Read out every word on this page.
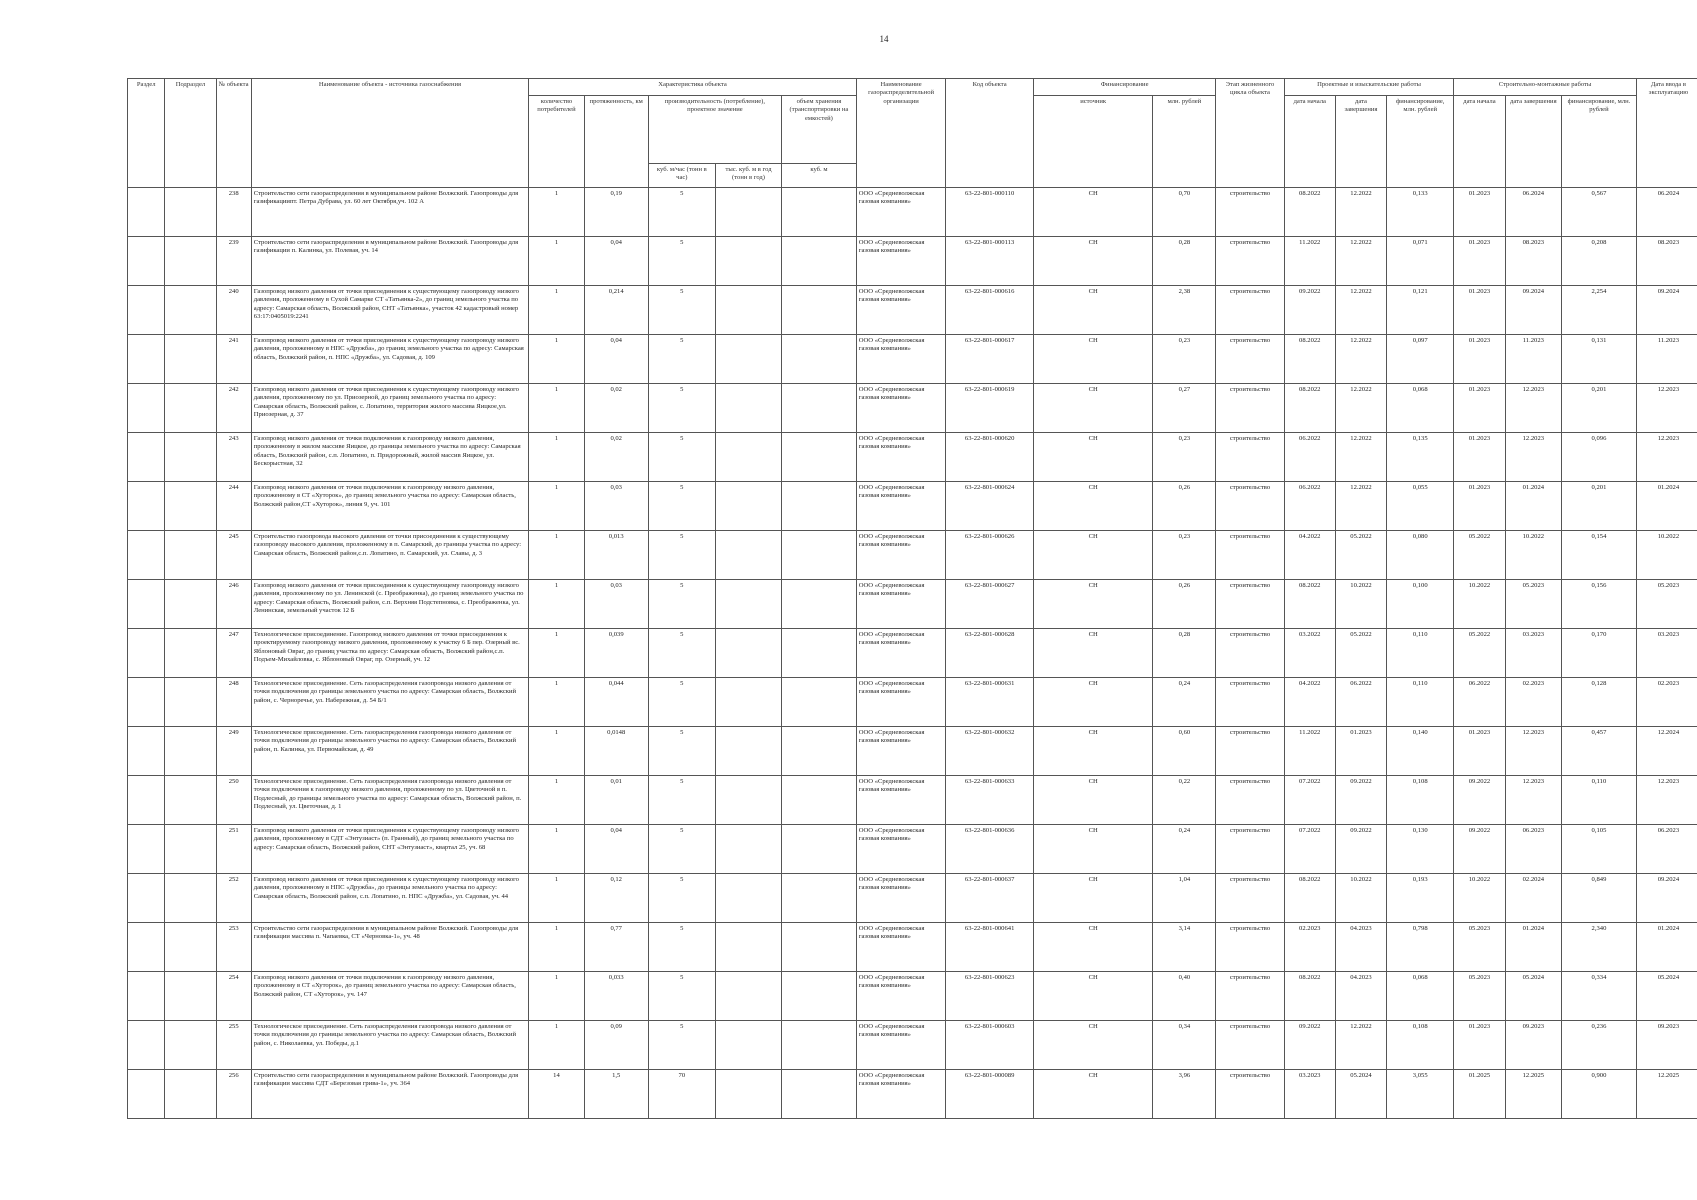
14
Раздел	Подраздел	№ объекта	Наименование объекта - источника газоснабжения	Характеристика объекта					Наименование газораспределительной организации	Код объекта	Финансирование		Этап жизненного цикла объекта	Проектные и изыскательские работы			Строительно-монтажные работы			Дата ввода в эксплуатацию
				количество потребителей	протяженность, км	производительность (потребление), проектное значение		объем хранения (транспортировки на емкостей)			источник	млн. рублей		дата начала	дата завершения	финансирование, млн. рублей	дата начала	дата завершения	финансирование, млн. рублей	
						куб. м/час (тонн в час)	тыс. куб. м в год (тонн в год)	куб. м												
		238	Строительство сети газораспределения в муниципальном районе Волжский. Газопроводы для газификациипт. Петра Дубрава, ул. 60 лет Октября,уч. 102 А	1	0,19	5			ООО «Средневолжская газовая компания»	63-22-801-000110	СН	0,70	строительство	08.2022	12.2022	0,133	01.2023	06.2024	0,567	06.2024
		239	Строительство сети газораспределения в муниципальном районе Волжский. Газопроводы для газификации п. Калинка, ул. Полевая, уч. 14	1	0,04	5			ООО «Средневолжская газовая компания»	63-22-801-000113	СН	0,28	строительство	11.2022	12.2022	0,071	01.2023	08.2023	0,208	08.2023
		240	Газопровод низкого давления от точки присоединения к существующему газопроводу низкого давления, проложенному в Сухой Самарке СТ «Татьянка-2», до границ земельного участка по адресу: Самарская область, Волжский район, СНТ «Татьянка», участок 42 кадастровый номер 63:17:0405019:2241	1	0,214	5			ООО «Средневолжская газовая компания»	63-22-801-000616	СН	2,38	строительство	09.2022	12.2022	0,121	01.2023	09.2024	2,254	09.2024
		241	Газопровод низкого давления от точки присоединения к существующему газопроводу низкого давления, проложенному в НПС «Дружба», до границ земельного участка по адресу: Самарская область, Волжский район, п. НПС «Дружба», ул. Садовая, д. 109	1	0,04	5			ООО «Средневолжская газовая компания»	63-22-801-000617	СН	0,23	строительство	08.2022	12.2022	0,097	01.2023	11.2023	0,131	11.2023
		242	Газопровод низкого давления от точки присоединения к существующему газопроводу низкого давления, проложенному по ул. Приозерной, до границ земельного участка по адресу: Самарская область, Волжский район, с. Лопатино, территория жилого массива Яицкое,ул. Приозерная, д. 37	1	0,02	5			ООО «Средневолжская газовая компания»	63-22-801-000619	СН	0,27	строительство	08.2022	12.2022	0,068	01.2023	12.2023	0,201	12.2023
		243	Газопровод низкого давления от точки подключения к газопроводу низкого давления, проложенному в жилом массиве Яицкое, до границы земельного участка по адресу: Самарская область, Волжский район, с.п. Лопатино, п. Придорожный, жилой массив Яицкое, ул. Бескорыстная, 32	1	0,02	5			ООО «Средневолжская газовая компания»	63-22-801-000620	СН	0,23	строительство	06.2022	12.2022	0,135	01.2023	12.2023	0,096	12.2023
		244	Газопровод низкого давления от точки подключения к газопроводу низкого давления, проложенному в СТ «Хуторок», до границ земельного участка по адресу: Самарская область, Волжский район,СТ «Хуторок», линия 9, уч. 101	1	0,03	5			ООО «Средневолжская газовая компания»	63-22-801-000624	СН	0,26	строительство	06.2022	12.2022	0,055	01.2023	01.2024	0,201	01.2024
		245	Строительство газопровода высокого давления от точки присоединения к существующему газопроводу высокого давления, проложенному в п. Самарский, до границы участка по адресу: Самарская область, Волжский район,с.п. Лопатино, п. Самарский, ул. Славы, д. 3	1	0,013	5			ООО «Средневолжская газовая компания»	63-22-801-000626	СН	0,23	строительство	04.2022	05.2022	0,080	05.2022	10.2022	0,154	10.2022
		246	Газопровод низкого давления от точки присоединения к существующему газопроводу низкого давления, проложенному по ул. Ленинской (с. Преображенка), до границ земельного участка по адресу: Самарская область, Волжский район, с.п. Верхняя Подстепновка, с. Преображенка, ул. Ленинская, земельный участок 12 Б	1	0,03	5			ООО «Средневолжская газовая компания»	63-22-801-000627	СН	0,26	строительство	08.2022	10.2022	0,100	10.2022	05.2023	0,156	05.2023
		247	Технологическое присоединение. Газопровод низкого давления от точки присоединения к проектируемому газопроводу низкого давления, проложенному к участку 6 Б пер. Озерный вс. Яблоновый Овраг, до границ участка по адресу: Самарская область, Волжский район,с.п. Подъем-Михайловка, с. Яблоновый Овраг, пр. Озерный, уч. 12	1	0,039	5			ООО «Средневолжская газовая компания»	63-22-801-000628	СН	0,28	строительство	03.2022	05.2022	0,110	05.2022	03.2023	0,170	03.2023
		248	Технологическое присоединение. Сеть газораспределения газопровода низкого давления от точки подключения до границы земельного участка по адресу: Самарская область, Волжский район, с. Черноречье, ул. Набережная, д. 54 Б/1	1	0,044	5			ООО «Средневолжская газовая компания»	63-22-801-000631	СН	0,24	строительство	04.2022	06.2022	0,110	06.2022	02.2023	0,128	02.2023
		249	Технологическое присоединение. Сеть газораспределения газопровода низкого давления от точки подключения до границы земельного участка по адресу: Самарская область, Волжский район, п. Калинка, ул. Первомайская, д. 49	1	0,0148	5			ООО «Средневолжская газовая компания»	63-22-801-000632	СН	0,60	строительство	11.2022	01.2023	0,140	01.2023	12.2023	0,457	12.2024
		250	Технологическое присоединение. Сеть газораспределения газопровода низкого давления от точки подключения к газопроводу низкого давления, проложенному по ул. Цветочной в п. Подлесный, до границы земельного участка по адресу: Самарская область, Волжский район, п. Подлесный, ул. Цветочная, д. 1	1	0,01	5			ООО «Средневолжская газовая компания»	63-22-801-000633	СН	0,22	строительство	07.2022	09.2022	0,108	09.2022	12.2023	0,110	12.2023
		251	Газопровод низкого давления от точки присоединения к существующему газопроводу низкого давления, проложенному в СДТ «Энтузиаст» (п. Гранный), до границ земельного участка по адресу: Самарская область, Волжский район, СНТ «Энтузиаст», квартал 25, уч. 68	1	0,04	5			ООО «Средневолжская газовая компания»	63-22-801-000636	СН	0,24	строительство	07.2022	09.2022	0,130	09.2022	06.2023	0,105	06.2023
		252	Газопровод низкого давления от точки присоединения к существующему газопроводу низкого давления, проложенному в НПС «Дружба», до границы земельного участка по адресу: Самарская область, Волжский район, с.п. Лопатино, п. НПС «Дружба», ул. Садовая, уч. 44	1	0,12	5			ООО «Средневолжская газовая компания»	63-22-801-000637	СН	1,04	строительство	08.2022	10.2022	0,193	10.2022	02.2024	0,849	09.2024
		253	Строительство сети газораспределения в муниципальном районе Волжский. Газопроводы для газификации массива п. Чапаевка, СТ «Черновка-1», уч. 48	1	0,77	5			ООО «Средневолжская газовая компания»	63-22-801-000641	СН	3,14	строительство	02.2023	04.2023	0,798	05.2023	01.2024	2,340	01.2024
		254	Газопровод низкого давления от точки подключения к газопроводу низкого давления, проложенному в СТ «Хуторок», до границ земельного участка по адресу: Самарская область, Волжский район, СТ «Хуторок», уч. 147	1	0,033	5			ООО «Средневолжская газовая компания»	63-22-801-000623	СН	0,40	строительство	08.2022	04.2023	0,068	05.2023	05.2024	0,334	05.2024
		255	Технологическое присоединение. Сеть газораспределения газопровода низкого давления от точки подключения до границы земельного участка по адресу: Самарская область, Волжский район, с. Николаевка, ул. Победы, д.1	1	0,09	5			ООО «Средневолжская газовая компания»	63-22-801-000603	СН	0,34	строительство	09.2022	12.2022	0,108	01.2023	09.2023	0,236	09.2023
		256	Строительство сети газораспределения в муниципальном районе Волжский. Газопроводы для газификации массива СДТ «Березовая грива-1», уч. 364	14	1,5	70			ООО «Средневолжская газовая компания»	63-22-801-000089	СН	3,96	строительство	03.2023	05.2024	3,055	01.2025	12.2025	0,900	12.2025
